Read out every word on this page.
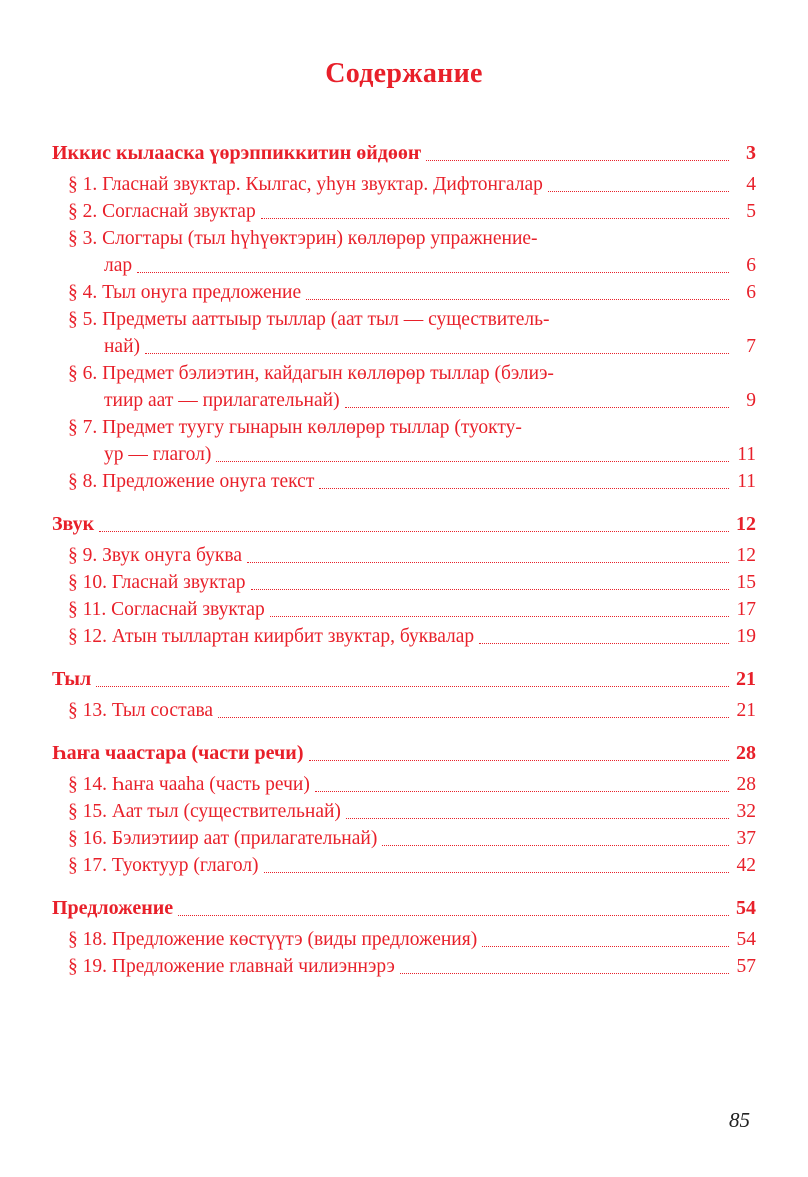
Содержание
Иккис кылааска үөрэппиккитин өйдөөҥ	3
§ 1. Гласнай звуктар. Кылгас, уһун звуктар. Дифтонгалар	4
§ 2. Согласнай звуктар	5
§ 3. Слогтары (тыл һүһүөктэрин) көллөрөр упражнение-
лар	6
§ 4. Тыл онуга предложение	6
§ 5. Предметы ааттыыр тыллар (аат тыл — существитель-
най)	7
§ 6. Предмет бэлиэтин, кайдагын көллөрөр тыллар (бэлиэ-
тиир аат — прилагательнай)	9
§ 7. Предмет туугу гынарын көллөрөр тыллар (туокту-
ур — глагол)	11
§ 8. Предложение онуга текст	11
Звук	12
§ 9. Звук онуга буква	12
§ 10. Гласнай звуктар	15
§ 11. Согласнай звуктар	17
§ 12. Атын тыллартан киирбит звуктар, буквалар	19
Тыл	21
§ 13. Тыл состава	21
Һаҥа чаастара (части речи)	28
§ 14. Һаҥа чааһа (часть речи)	28
§ 15. Аат тыл (существительнай)	32
§ 16. Бэлиэтиир аат (прилагательнай)	37
§ 17. Туоктуур (глагол)	42
Предложение	54
§ 18. Предложение көстүүтэ (виды предложения)	54
§ 19. Предложение главнай чилиэннэрэ	57
85
